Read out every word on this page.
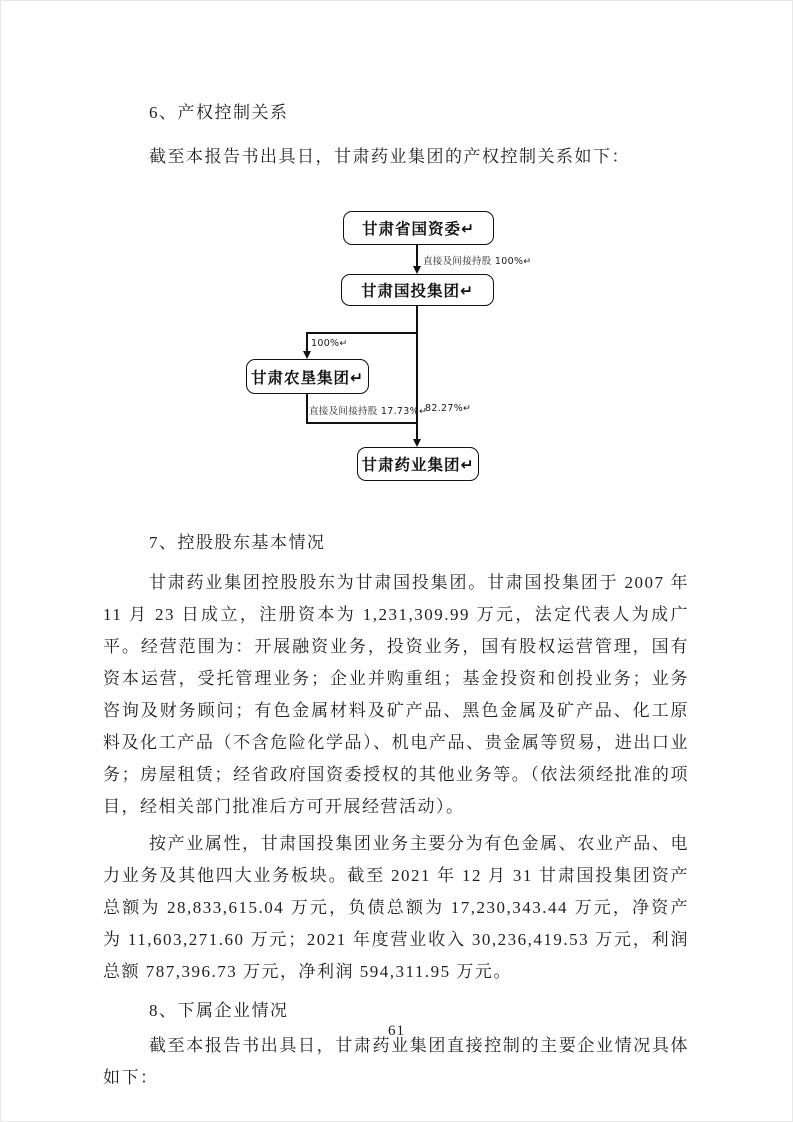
6、产权控制关系

截至本报告书出具日，甘肃药业集团的产权控制关系如下：

甘肃省国资委↵
直接及间接持股 100%↵
甘肃国投集团↵
100%↵
甘肃农垦集团↵
直接及间接持股 17.73%↵
82.27%↵
甘肃药业集团↵
7、控股股东基本情况

甘肃药业集团控股股东为甘肃国投集团。甘肃国投集团于 2007 年 11 月 23 日成立，注册资本为 1,231,309.99 万元，法定代表人为成广平。经营范围为：开展融资业务，投资业务，国有股权运营管理，国有资本运营，受托管理业务；企业并购重组；基金投资和创投业务；业务咨询及财务顾问；有色金属材料及矿产品、黑色金属及矿产品、化工原料及化工产品（不含危险化学品）、机电产品、贵金属等贸易，进出口业务；房屋租赁；经省政府国资委授权的其他业务等。（依法须经批准的项目，经相关部门批准后方可开展经营活动）。

按产业属性，甘肃国投集团业务主要分为有色金属、农业产品、电力业务及其他四大业务板块。截至 2021 年 12 月 31 甘肃国投集团资产总额为 28,833,615.04 万元，负债总额为 17,230,343.44 万元，净资产为 11,603,271.60 万元；2021 年度营业收入 30,236,419.53 万元，利润总额 787,396.73 万元，净利润 594,311.95 万元。

8、下属企业情况

截至本报告书出具日，甘肃药业集团直接控制的主要企业情况具体如下：

61
